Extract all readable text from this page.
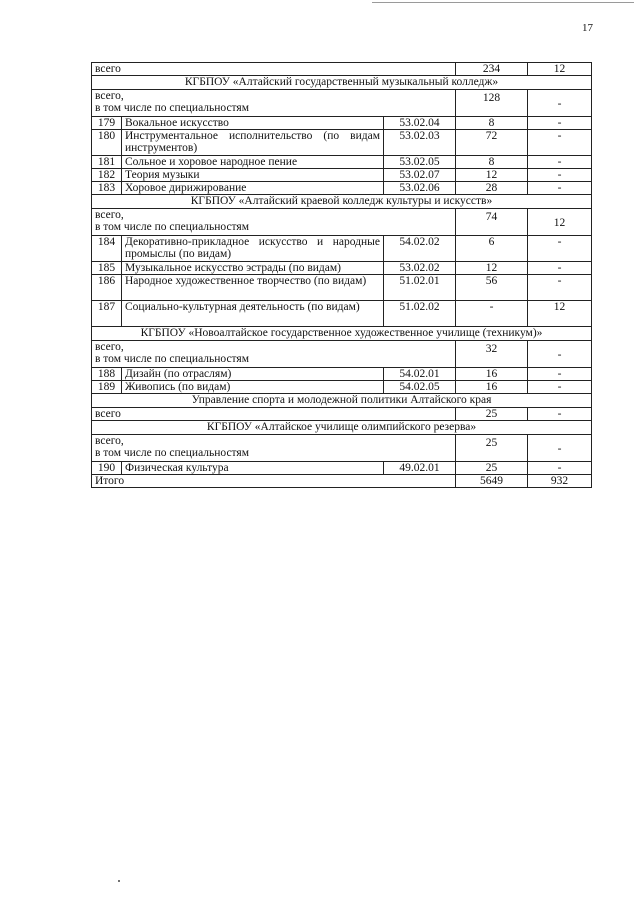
17
всего			234	12
КГБПОУ «Алтайский государственный музыкальный колледж»				

всего,
в том числе по специальностям			128	-
179	Вокальное искусство	53.02.04	8	-
180	Инструментальное исполнительство (по видам инструментов)	53.02.03	72	-
181	Сольное и хоровое народное пение	53.02.05	8	-
182	Теория музыки	53.02.07	12	-
183	Хоровое дирижирование	53.02.06	28	-
КГБПОУ «Алтайский краевой колледж культуры и искусств»				

всего,
в том числе по специальностям			74	12
184	Декоративно-прикладное искусство и народные промыслы (по видам)	54.02.02	6	-
185	Музыкальное искусство эстрады (по видам)	53.02.02	12	-
186	Народное художественное творчество (по видам)	51.02.01	56	-
187	Социально-культурная деятельность (по видам)	51.02.02	-	12
КГБПОУ «Новоалтайское государственное художественное училище (техникум)»				

всего,
в том числе по специальностям			32	-
188	Дизайн (по отраслям)	54.02.01	16	-
189	Живопись (по видам)	54.02.05	16	-
Управление спорта и молодежной политики Алтайского края				
всего			25	-
КГБПОУ «Алтайское училище олимпийского резерва»				

всего,
в том числе по специальностям			25	-
190	Физическая культура	49.02.01	25	-
Итого			5649	932
